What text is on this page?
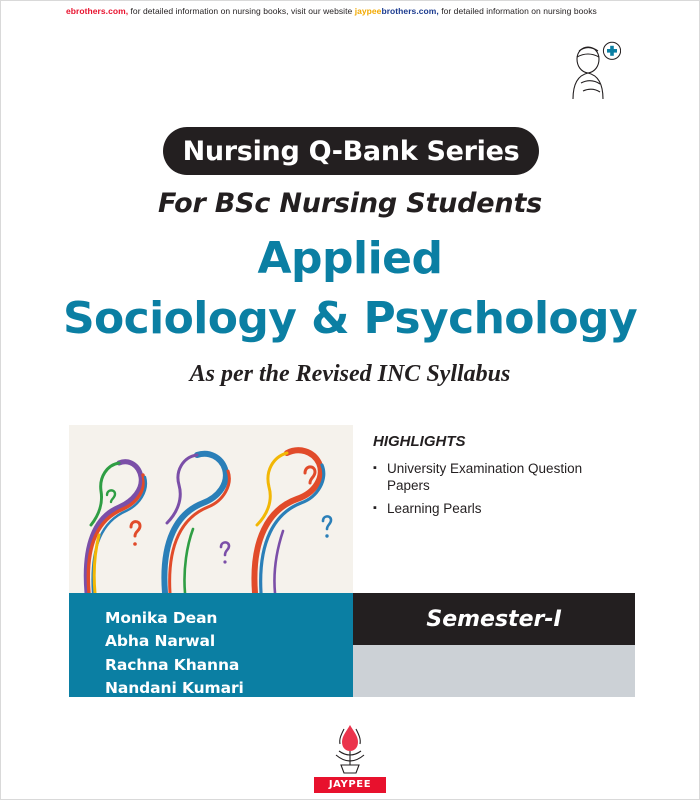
ebrothers.com, for detailed information on nursing books, visit our website jaypeebrothers.com, for detailed information on nursing books
Nursing Q-Bank Series
For BSc Nursing Students
Applied
Sociology & Psychology
As per the Revised INC Syllabus
HIGHLIGHTS
▪ University Examination Question Papers
▪ Learning Pearls
Monika Dean
Abha Narwal
Rachna Khanna
Nandani Kumari
Semester-I
JAYPEE
